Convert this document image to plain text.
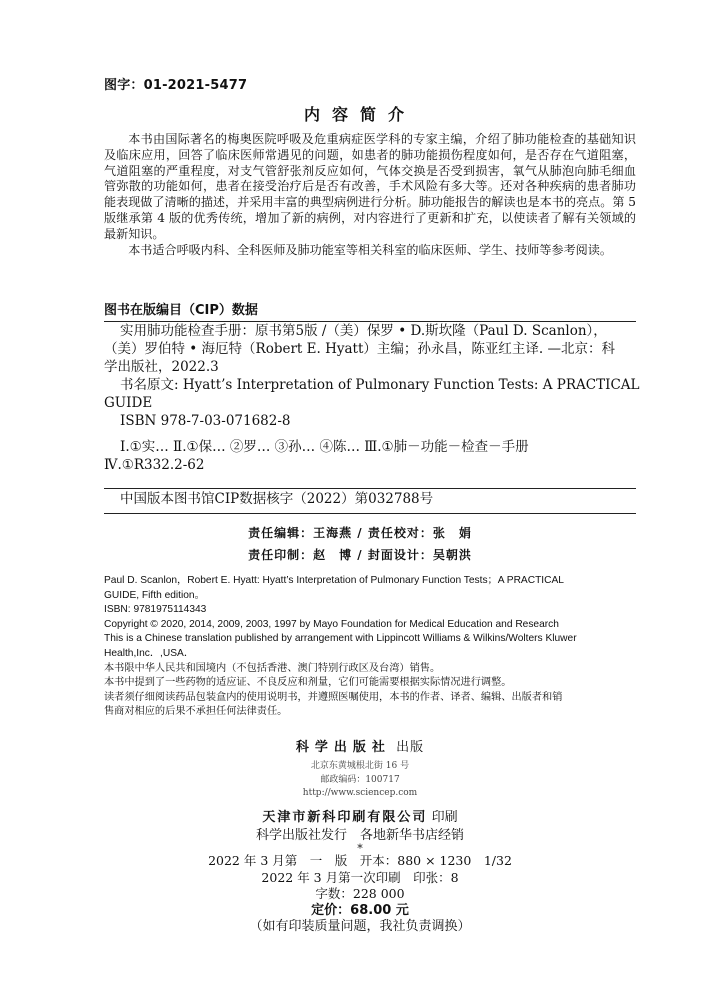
图字：01-2021-5477
内容简介

本书由国际著名的梅奥医院呼吸及危重病症医学科的专家主编，介绍了肺功能检查的基础知识及临床应用，回答了临床医师常遇见的问题，如患者的肺功能损伤程度如何，是否存在气道阻塞，气道阻塞的严重程度，对支气管舒张剂反应如何，气体交换是否受到损害，氧气从肺泡向肺毛细血管弥散的功能如何，患者在接受治疗后是否有改善，手术风险有多大等。还对各种疾病的患者肺功能表现做了清晰的描述，并采用丰富的典型病例进行分析。肺功能报告的解读也是本书的亮点。第 5 版继承第 4 版的优秀传统，增加了新的病例，对内容进行了更新和扩充，以使读者了解有关领域的最新知识。

本书适合呼吸内科、全科医师及肺功能室等相关科室的临床医师、学生、技师等参考阅读。

图书在版编目（CIP）数据
实用肺功能检查手册：原书第5版 /（美）保罗 • D.斯坎隆（Paul D. Scanlon），
（美）罗伯特 • 海厄特（Robert E. Hyatt）主编；孙永昌，陈亚红主译. —北京：科
学出版社，2022.3
书名原文: Hyatt’s Interpretation of Pulmonary Function Tests: A PRACTICAL
GUIDE
ISBN 978-7-03-071682-8
Ⅰ.①实… Ⅱ.①保… ②罗… ③孙… ④陈… Ⅲ.①肺－功能－检查－手册
Ⅳ.①R332.2-62
中国版本图书馆CIP数据核字（2022）第032788号
责任编辑：王海燕 / 责任校对：张　娟
责任印制：赵　博 / 封面设计：吴朝洪
Paul D. Scanlon，Robert E. Hyatt: Hyatt’s Interpretation of Pulmonary Function Tests；A PRACTICAL
GUIDE, Fifth edition。
ISBN: 9781975114343
Copyright © 2020, 2014, 2009, 2003, 1997 by Mayo Foundation for Medical Education and Research
This is a Chinese translation published by arrangement with Lippincott Williams & Wilkins/Wolters Kluwer
Health,Inc．,USA．
本书限中华人民共和国境内（不包括香港、澳门特别行政区及台湾）销售。
本书中提到了一些药物的适应证、不良反应和剂量，它们可能需要根据实际情况进行调整。
读者须仔细阅读药品包装盒内的使用说明书，并遵照医嘱使用，本书的作者、译者、编辑、出版者和销
售商对相应的后果不承担任何法律责任。
科学出版社 出版
北京东黄城根北街 16 号
邮政编码：100717
http://www.sciencep.com
天津市新科印刷有限公司 印刷
科学出版社发行　各地新华书店经销
*
2022 年 3 月第　一　版　开本：880 × 1230　1/32
2022 年 3 月第一次印刷　印张：8
字数：228 000
定价：68.00 元
（如有印装质量问题，我社负责调换）
